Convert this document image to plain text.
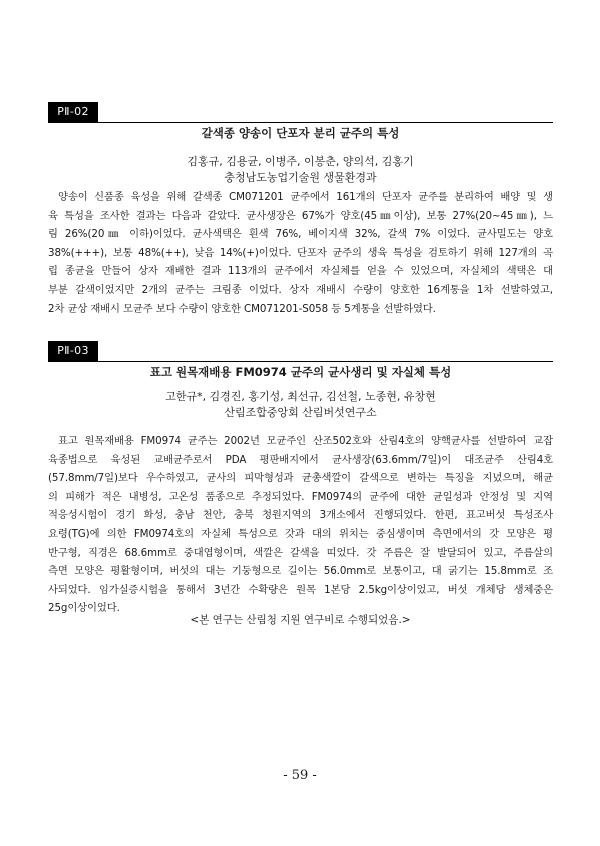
PⅡ-02
갈색종 양송이 단포자 분리 균주의 특성
김홍규, 김용균, 이병주, 이봉춘, 양의석, 김홍기
충청남도농업기술원 생물환경과
양송이 신품종 육성을 위해 갈색종 CM071201 균주에서 161개의 단포자 균주를 분리하여 배양 및 생
육 특성을 조사한 결과는 다음과 같았다. 균사생장은 67%가 양호(45㎜이상), 보통 27%(20~45㎜), 느
림 26%(20㎜ 이하)이었다. 균사색택은 흰색 76%, 베이지색 32%, 갈색 7% 이었다. 균사밀도는 양호
38%(+++), 보통 48%(++), 낮음 14%(+)이었다. 단포자 균주의 생육 특성을 검토하기 위해 127개의 곡
립 종균을 만들어 상자 재배한 결과 113개의 균주에서 자실체를 얻을 수 있었으며, 자실체의 색택은 대
부분 갈색이었지만 2개의 균주는 크림종 이었다. 상자 재배시 수량이 양호한 16계통을 1차 선발하였고,
2차 균상 재배시 모균주 보다 수량이 양호한 CM071201-S058 등 5계통을 선발하였다.
PⅡ-03
표고 원목재배용 FM0974 균주의 균사생리 및 자실체 특성
고한규*, 김경진, 홍기성, 최선규, 김선철, 노종현, 유창현
산림조합중앙회 산림버섯연구소
표고 원목재배용 FM0974 균주는 2002년 모균주인 산조502호와 산림4호의 양핵균사를 선발하여 교잡
육종법으로 육성된 교배균주로서 PDA 평판배지에서 균사생장(63.6mm/7일)이 대조균주 산림4호
(57.8mm/7일)보다 우수하였고, 균사의 피막형성과 균총색깔이 갈색으로 변하는 특징을 지녔으며, 해균
의 피해가 적은 내병성, 고온성 품종으로 추정되었다. FM0974의 균주에 대한 균일성과 안정성 및 지역
적응성시험이 경기 화성, 충남 천안, 충북 청원지역의 3개소에서 진행되었다. 한편, 표고버섯 특성조사
요령(TG)에 의한 FM0974호의 자실체 특성으로 갓과 대의 위치는 중심생이며 측면에서의 갓 모양은 평
반구형, 직경은 68.6mm로 중대엽형이며, 색깔은 갈색을 띠었다. 갓 주름은 잘 발달되어 있고, 주름살의
측면 모양은 평활형이며, 버섯의 대는 기둥형으로 길이는 56.0mm로 보통이고, 대 굵기는 15.8mm로 조
사되었다. 임가실증시험을 통해서 3년간 수확량은 원목 1본당 2.5kg이상이었고, 버섯 개체당 생체중은
25g이상이었다.
<본 연구는 산림청 지원 연구비로 수행되었음.>
- 59 -
